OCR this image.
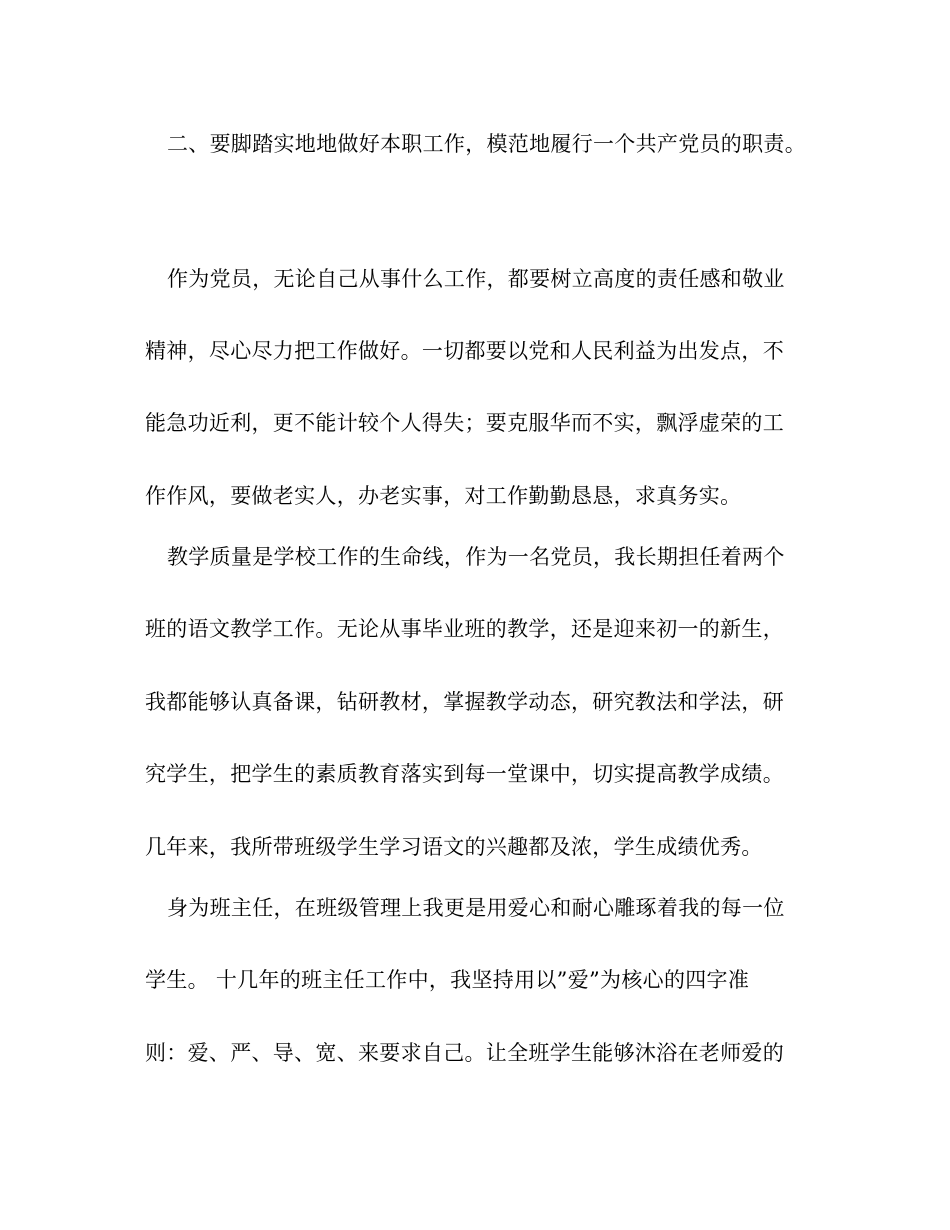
二、要脚踏实地地做好本职工作，模范地履行一个共产党员的职责。
作为党员，无论自己从事什么工作，都要树立高度的责任感和敬业
精神，尽心尽力把工作做好。一切都要以党和人民利益为出发点，不
能急功近利，更不能计较个人得失；要克服华而不实，飘浮虚荣的工
作作风，要做老实人，办老实事，对工作勤勤恳恳，求真务实。
教学质量是学校工作的生命线，作为一名党员，我长期担任着两个
班的语文教学工作。无论从事毕业班的教学，还是迎来初一的新生，
我都能够认真备课，钻研教材，掌握教学动态，研究教法和学法，研
究学生，把学生的素质教育落实到每一堂课中，切实提高教学成绩。
几年来，我所带班级学生学习语文的兴趣都及浓，学生成绩优秀。
身为班主任，在班级管理上我更是用爱心和耐心雕琢着我的每一位
学生。 十几年的班主任工作中，我坚持用以”爱”为核心的四字准
则：爱、严、导、宽、来要求自己。让全班学生能够沐浴在老师爱的
